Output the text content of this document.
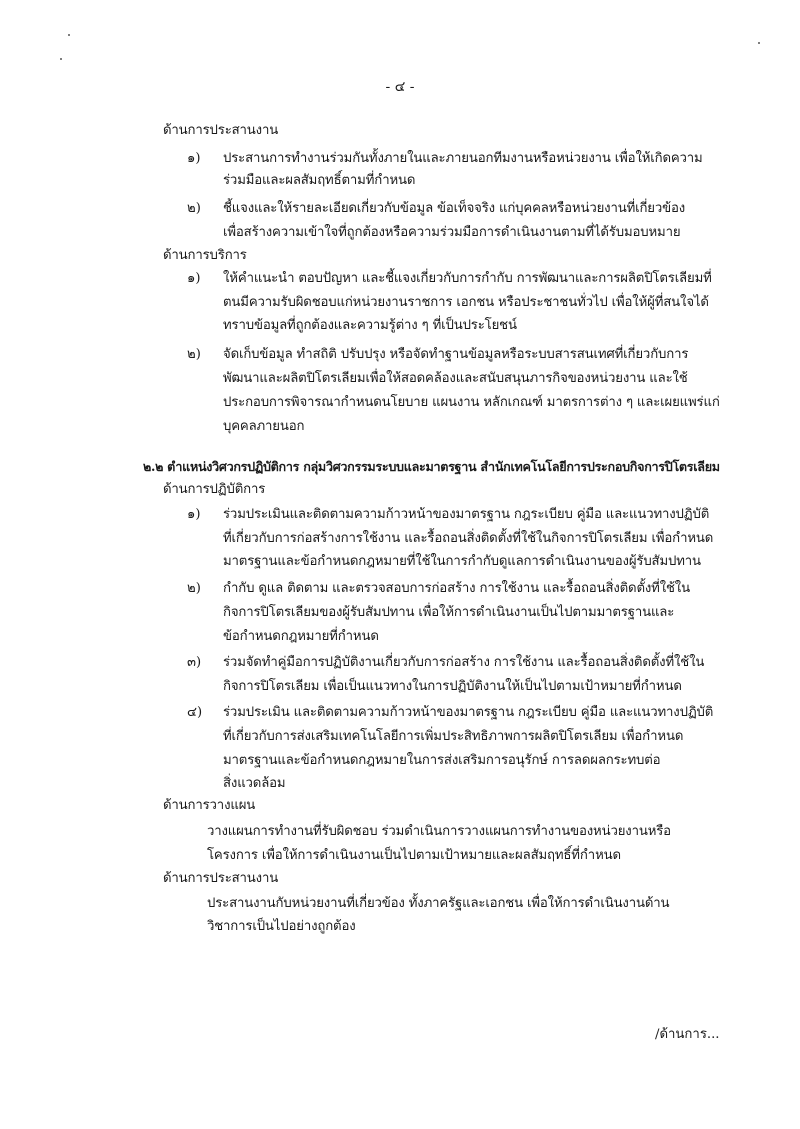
- ๔ -
ด้านการประสานงาน
๑) ประสานการทำงานร่วมกันทั้งภายในและภายนอกทีมงานหรือหน่วยงาน เพื่อให้เกิดความ
ร่วมมือและผลสัมฤทธิ์ตามที่กำหนด
๒) ชี้แจงและให้รายละเอียดเกี่ยวกับข้อมูล ข้อเท็จจริง แก่บุคคลหรือหน่วยงานที่เกี่ยวข้อง
เพื่อสร้างความเข้าใจที่ถูกต้องหรือความร่วมมือการดำเนินงานตามที่ได้รับมอบหมาย
ด้านการบริการ
๑) ให้คำแนะนำ ตอบปัญหา และชี้แจงเกี่ยวกับการกำกับ การพัฒนาและการผลิตปิโตรเลียมที่
ตนมีความรับผิดชอบแก่หน่วยงานราชการ เอกชน หรือประชาชนทั่วไป เพื่อให้ผู้ที่สนใจได้
ทราบข้อมูลที่ถูกต้องและความรู้ต่าง ๆ ที่เป็นประโยชน์
๒) จัดเก็บข้อมูล ทำสถิติ ปรับปรุง หรือจัดทำฐานข้อมูลหรือระบบสารสนเทศที่เกี่ยวกับการ
พัฒนาและผลิตปิโตรเลียมเพื่อให้สอดคล้องและสนับสนุนภารกิจของหน่วยงาน และใช้
ประกอบการพิจารณากำหนดนโยบาย แผนงาน หลักเกณฑ์ มาตรการต่าง ๆ และเผยแพร่แก่
บุคคลภายนอก
๒.๒ ตำแหน่งวิศวกรปฏิบัติการ กลุ่มวิศวกรรมระบบและมาตรฐาน สำนักเทคโนโลยีการประกอบกิจการปิโตรเลียม
ด้านการปฏิบัติการ
๑) ร่วมประเมินและติดตามความก้าวหน้าของมาตรฐาน กฎระเบียบ คู่มือ และแนวทางปฏิบัติ
ที่เกี่ยวกับการก่อสร้างการใช้งาน และรื้อถอนสิ่งติดตั้งที่ใช้ในกิจการปิโตรเลียม เพื่อกำหนด
มาตรฐานและข้อกำหนดกฎหมายที่ใช้ในการกำกับดูแลการดำเนินงานของผู้รับสัมปทาน
๒) กำกับ ดูแล ติดตาม และตรวจสอบการก่อสร้าง การใช้งาน และรื้อถอนสิ่งติดตั้งที่ใช้ใน
กิจการปิโตรเลียมของผู้รับสัมปทาน เพื่อให้การดำเนินงานเป็นไปตามมาตรฐานและ
ข้อกำหนดกฎหมายที่กำหนด
๓) ร่วมจัดทำคู่มือการปฏิบัติงานเกี่ยวกับการก่อสร้าง การใช้งาน และรื้อถอนสิ่งติดตั้งที่ใช้ใน
กิจการปิโตรเลียม เพื่อเป็นแนวทางในการปฏิบัติงานให้เป็นไปตามเป้าหมายที่กำหนด
๔) ร่วมประเมิน และติดตามความก้าวหน้าของมาตรฐาน กฎระเบียบ คู่มือ และแนวทางปฏิบัติ
ที่เกี่ยวกับการส่งเสริมเทคโนโลยีการเพิ่มประสิทธิภาพการผลิตปิโตรเลียม เพื่อกำหนด
มาตรฐานและข้อกำหนดกฎหมายในการส่งเสริมการอนุรักษ์ การลดผลกระทบต่อ
สิ่งแวดล้อม
ด้านการวางแผน
วางแผนการทำงานที่รับผิดชอบ ร่วมดำเนินการวางแผนการทำงานของหน่วยงานหรือ
โครงการ เพื่อให้การดำเนินงานเป็นไปตามเป้าหมายและผลสัมฤทธิ์ที่กำหนด
ด้านการประสานงาน
ประสานงานกับหน่วยงานที่เกี่ยวข้อง ทั้งภาครัฐและเอกชน เพื่อให้การดำเนินงานด้าน
วิชาการเป็นไปอย่างถูกต้อง
/ด้านการ...
